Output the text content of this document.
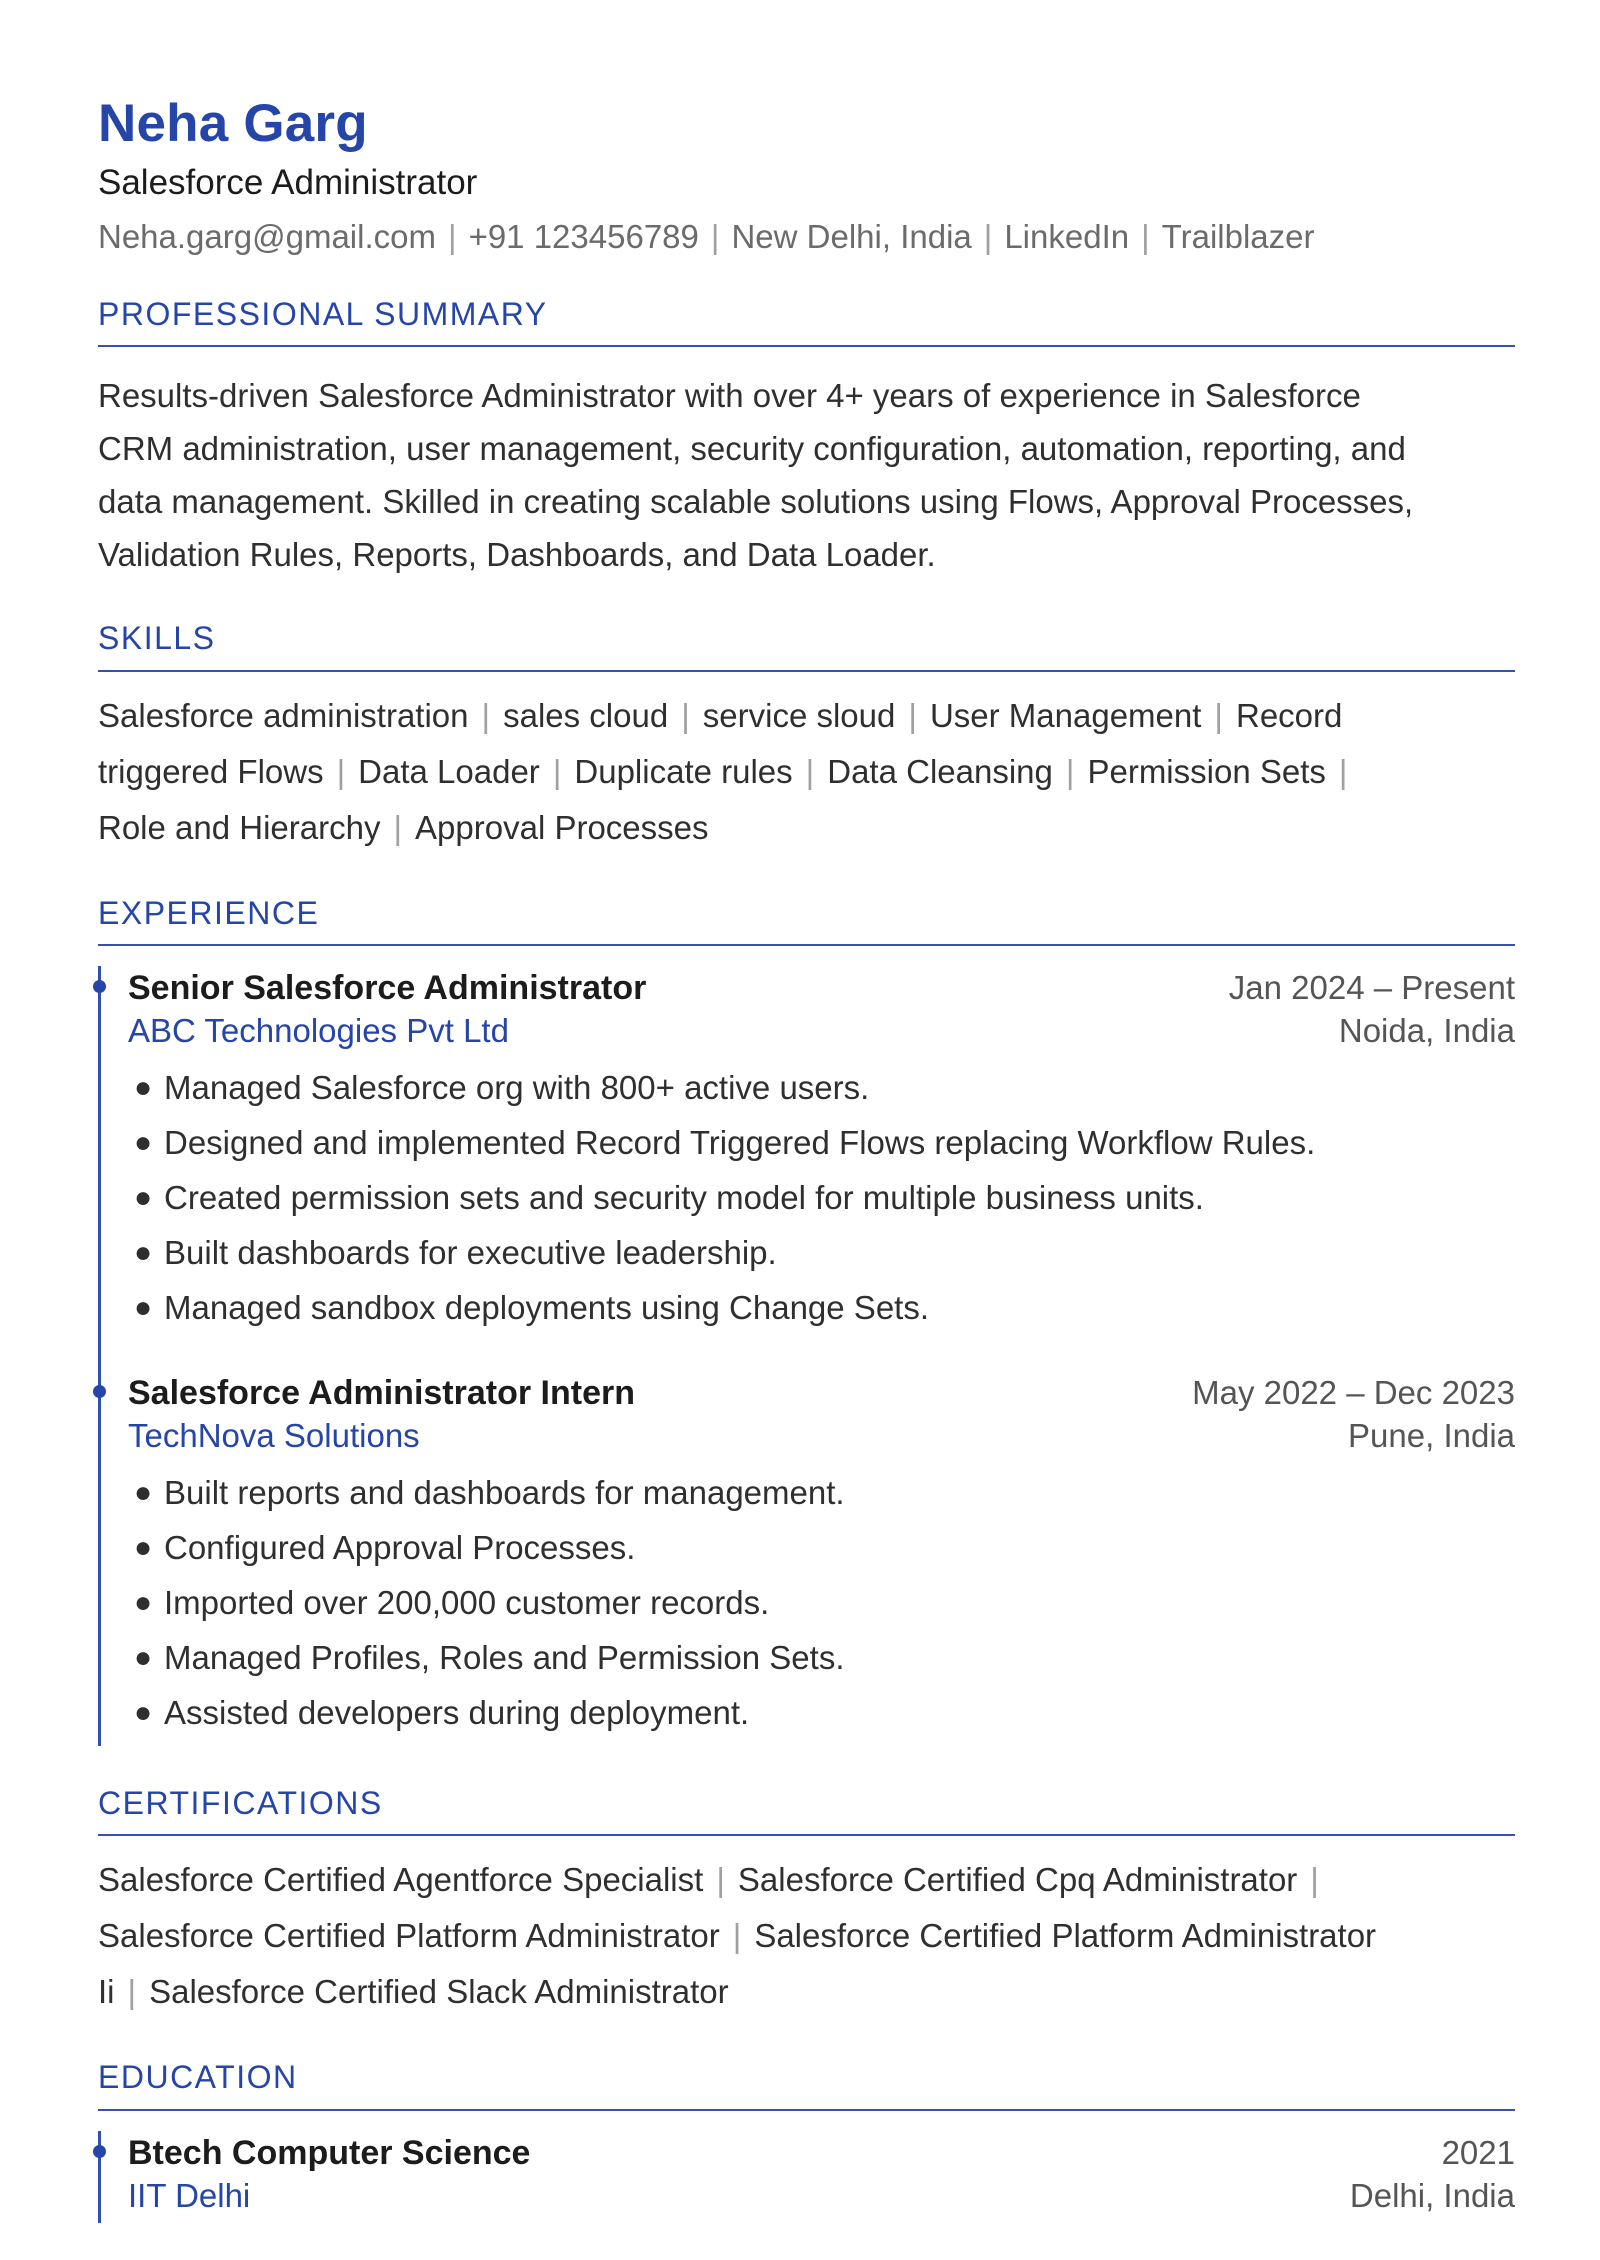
Neha Garg
Salesforce Administrator
Neha.garg@gmail.com | +91 123456789 | New Delhi, India | LinkedIn | Trailblazer
PROFESSIONAL SUMMARY
Results-driven Salesforce Administrator with over 4+ years of experience in Salesforce
CRM administration, user management, security configuration, automation, reporting, and
data management. Skilled in creating scalable solutions using Flows, Approval Processes,
Validation Rules, Reports, Dashboards, and Data Loader.
SKILLS
Salesforce administration | sales cloud | service sloud | User Management | Record
triggered Flows | Data Loader | Duplicate rules | Data Cleansing | Permission Sets |
Role and Hierarchy | Approval Processes
EXPERIENCE
Senior Salesforce Administrator	Jan 2024 – Present
ABC Technologies Pvt Ltd	Noida, India
● Managed Salesforce org with 800+ active users.
● Designed and implemented Record Triggered Flows replacing Workflow Rules.
● Created permission sets and security model for multiple business units.
● Built dashboards for executive leadership.
● Managed sandbox deployments using Change Sets.
Salesforce Administrator Intern	May 2022 – Dec 2023
TechNova Solutions	Pune, India
● Built reports and dashboards for management.
● Configured Approval Processes.
● Imported over 200,000 customer records.
● Managed Profiles, Roles and Permission Sets.
● Assisted developers during deployment.
CERTIFICATIONS
Salesforce Certified Agentforce Specialist | Salesforce Certified Cpq Administrator |
Salesforce Certified Platform Administrator | Salesforce Certified Platform Administrator
Ii | Salesforce Certified Slack Administrator
EDUCATION
Btech Computer Science	2021
IIT Delhi	Delhi, India
